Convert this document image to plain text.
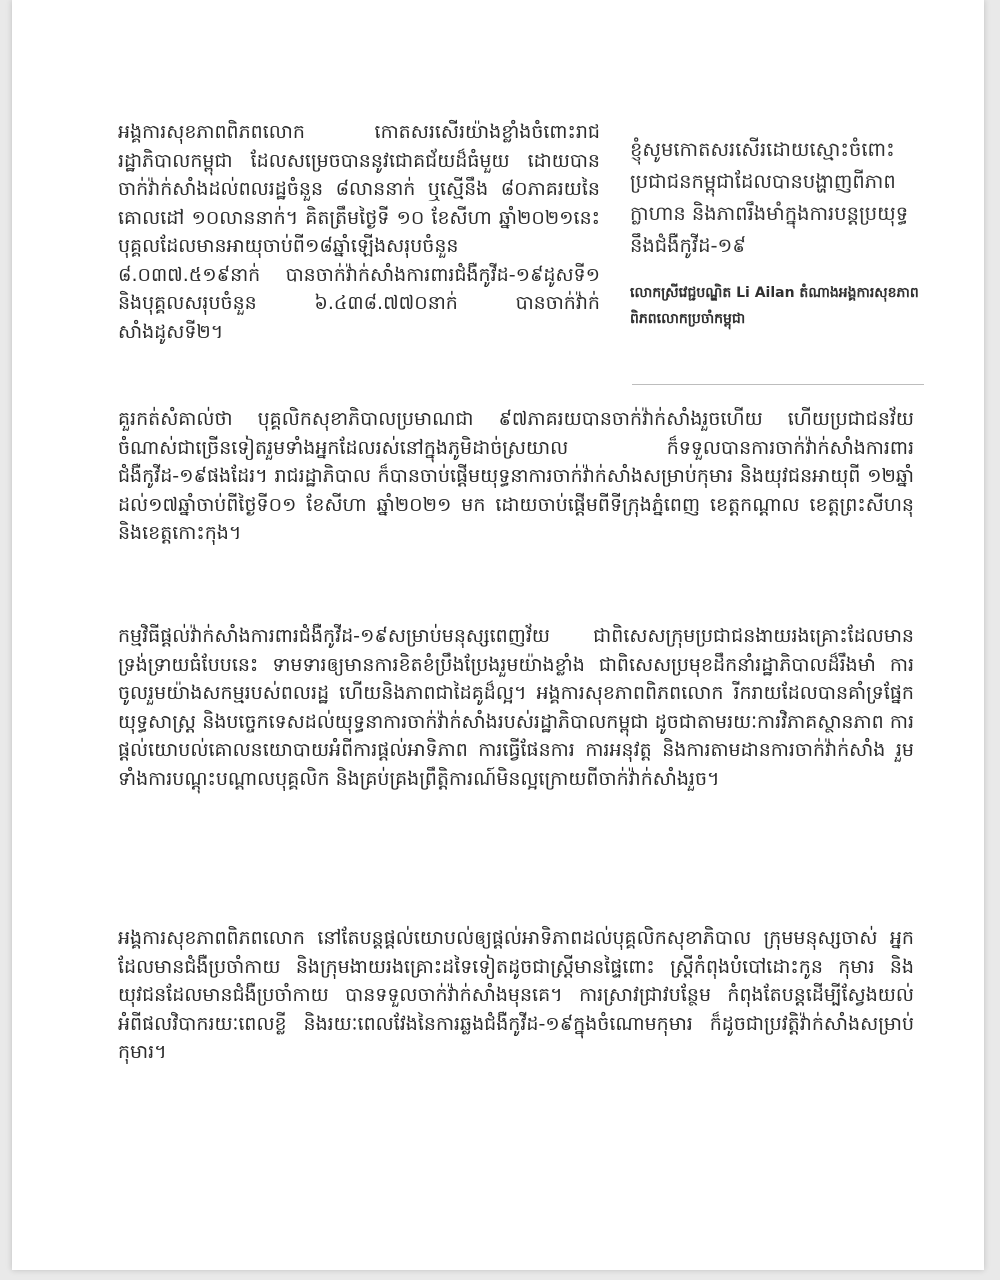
អង្គការសុខភាពពិភពលោក កោតសរសើរយ៉ាងខ្លាំងចំពោះរាជរដ្ឋាភិបាលកម្ពុជា ដែលសម្រេចបាននូវជោគជ័យដ៏ធំមួយ ដោយបានចាក់វ៉ាក់សាំងដល់ពលរដ្ឋចំនួន ៨លាននាក់ ឬស្មើនឹង ៨០ភាគរយនៃគោលដៅ ១០លាននាក់។ គិតត្រឹមថ្ងៃទី ១០ ខែសីហា ឆ្នាំ២០២១នេះ បុគ្គលដែលមានអាយុចាប់ពី១៨ឆ្នាំឡើងសរុបចំនួន ៨.០៣៧.៥១៩នាក់ បានចាក់វ៉ាក់សាំងការពារជំងឺកូវីដ-១៩ដូសទី១ និងបុគ្គលសរុបចំនួន ៦.៤៣៨.៧៧០នាក់ បានចាក់វ៉ាក់សាំងដូសទី២។

ខ្ញុំសូមកោតសរសើរដោយស្មោះចំពោះប្រជាជនកម្ពុជាដែលបានបង្ហាញពីភាពក្លាហាន និងភាពរឹងមាំក្នុងការបន្តប្រយុទ្ធនឹងជំងឺកូវីដ-១៩

លោកស្រីវេជ្ជបណ្ឌិត Li Ailan តំណាងអង្គការសុខភាពពិភពលោកប្រចាំកម្ពុជា

គួរកត់សំគាល់ថា បុគ្គលិកសុខាភិបាលប្រមាណជា ៩៧ភាគរយបានចាក់វ៉ាក់សាំងរួចហើយ ហើយប្រជាជនវ័យចំណាស់ជាច្រើនទៀតរួមទាំងអ្នកដែលរស់នៅក្នុងភូមិដាច់ស្រយាល ក៏ទទួលបានការចាក់វ៉ាក់សាំងការពារជំងឺកូវីដ-១៩ផងដែរ។ រាជរដ្ឋាភិបាល ក៏បានចាប់ផ្តើមយុទ្ធនាការចាក់វ៉ាក់សាំងសម្រាប់កុមារ និងយុវជនអាយុពី ១២ឆ្នាំ ដល់១៧ឆ្នាំចាប់ពីថ្ងៃទី០១ ខែសីហា ឆ្នាំ២០២១ មក ដោយចាប់ផ្តើមពីទីក្រុងភ្នំពេញ ខេត្តកណ្តាល ខេត្តព្រះសីហនុ និងខេត្តកោះកុង។

កម្មវិធីផ្តល់វ៉ាក់សាំងការពារជំងឺកូវីដ-១៩សម្រាប់មនុស្សពេញវ័យ ជាពិសេសក្រុមប្រជាជនងាយរងគ្រោះដែលមានទ្រង់ទ្រាយធំបែបនេះ ទាមទារឲ្យមានការខិតខំប្រឹងប្រែងរួមយ៉ាងខ្លាំង ជាពិសេសប្រមុខដឹកនាំរដ្ឋាភិបាលដ៏រឹងមាំ ការចូលរួមយ៉ាងសកម្មរបស់ពលរដ្ឋ ហើយនិងភាពជាដៃគូដ៏ល្អ។ អង្គការសុខភាពពិភពលោក រីករាយដែលបានគាំទ្រផ្នែកយុទ្ធសាស្ត្រ និងបច្ចេកទេសដល់យុទ្ធនាការចាក់វ៉ាក់សាំងរបស់រដ្ឋាភិបាលកម្ពុជា ដូចជាតាមរយៈការវិភាគស្ថានភាព ការផ្តល់យោបល់គោលនយោបាយអំពីការផ្តល់អាទិភាព ការធ្វើផែនការ ការអនុវត្ត និងការតាមដានការចាក់វ៉ាក់សាំង រួមទាំងការបណ្តុះបណ្តាលបុគ្គលិក និងគ្រប់គ្រងព្រឹត្តិការណ៍មិនល្អក្រោយពីចាក់វ៉ាក់សាំងរួច។

អង្គការសុខភាពពិភពលោក នៅតែបន្តផ្តល់យោបល់ឲ្យផ្តល់អាទិភាពដល់បុគ្គលិកសុខាភិបាល ក្រុមមនុស្សចាស់ អ្នកដែលមានជំងឺប្រចាំកាយ និងក្រុមងាយរងគ្រោះដទៃទៀតដូចជាស្ត្រីមានផ្ទៃពោះ ស្ត្រីកំពុងបំបៅដោះកូន កុមារ និងយុវជនដែលមានជំងឺប្រចាំកាយ បានទទួលចាក់វ៉ាក់សាំងមុនគេ។ ការស្រាវជ្រាវបន្ថែម កំពុងតែបន្តដើម្បីស្វែងយល់អំពីផលវិបាករយៈពេលខ្លី និងរយៈពេលវែងនៃការឆ្លងជំងឺកូវីដ-១៩ក្នុងចំណោមកុមារ ក៏ដូចជាប្រវត្តិវ៉ាក់សាំងសម្រាប់កុមារ។
